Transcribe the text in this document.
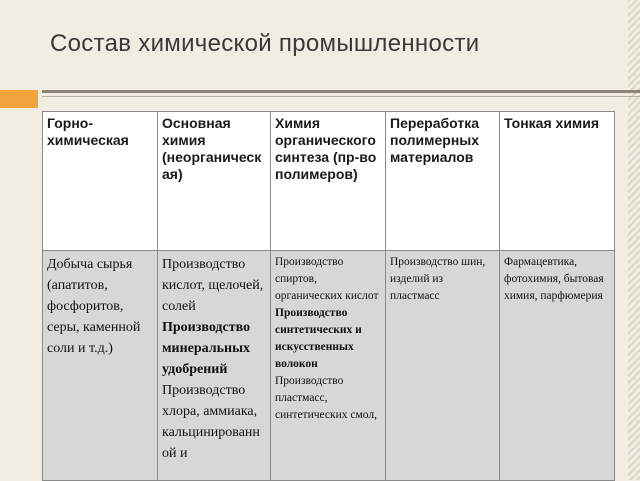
Состав химической промышленности
Горно-химическая	Основная химия (неорганическая)	Химия органического синтеза (пр-во полимеров)	Переработка полимерных материалов	Тонкая химия
Добыча сырья (апатитов, фосфоритов, серы, каменной соли и т.д.)	Производство кислот, щелочей, солей Производство минеральных удобрений Производство хлора, аммиака, кальцинированной и	Производство спиртов, органических кислот Производство синтетических и искусственных волокон Производство пластмасс, синтетических смол,	Производство шин, изделий из пластмасс	Фармацевтика, фотохимия, бытовая химия, парфюмерия
